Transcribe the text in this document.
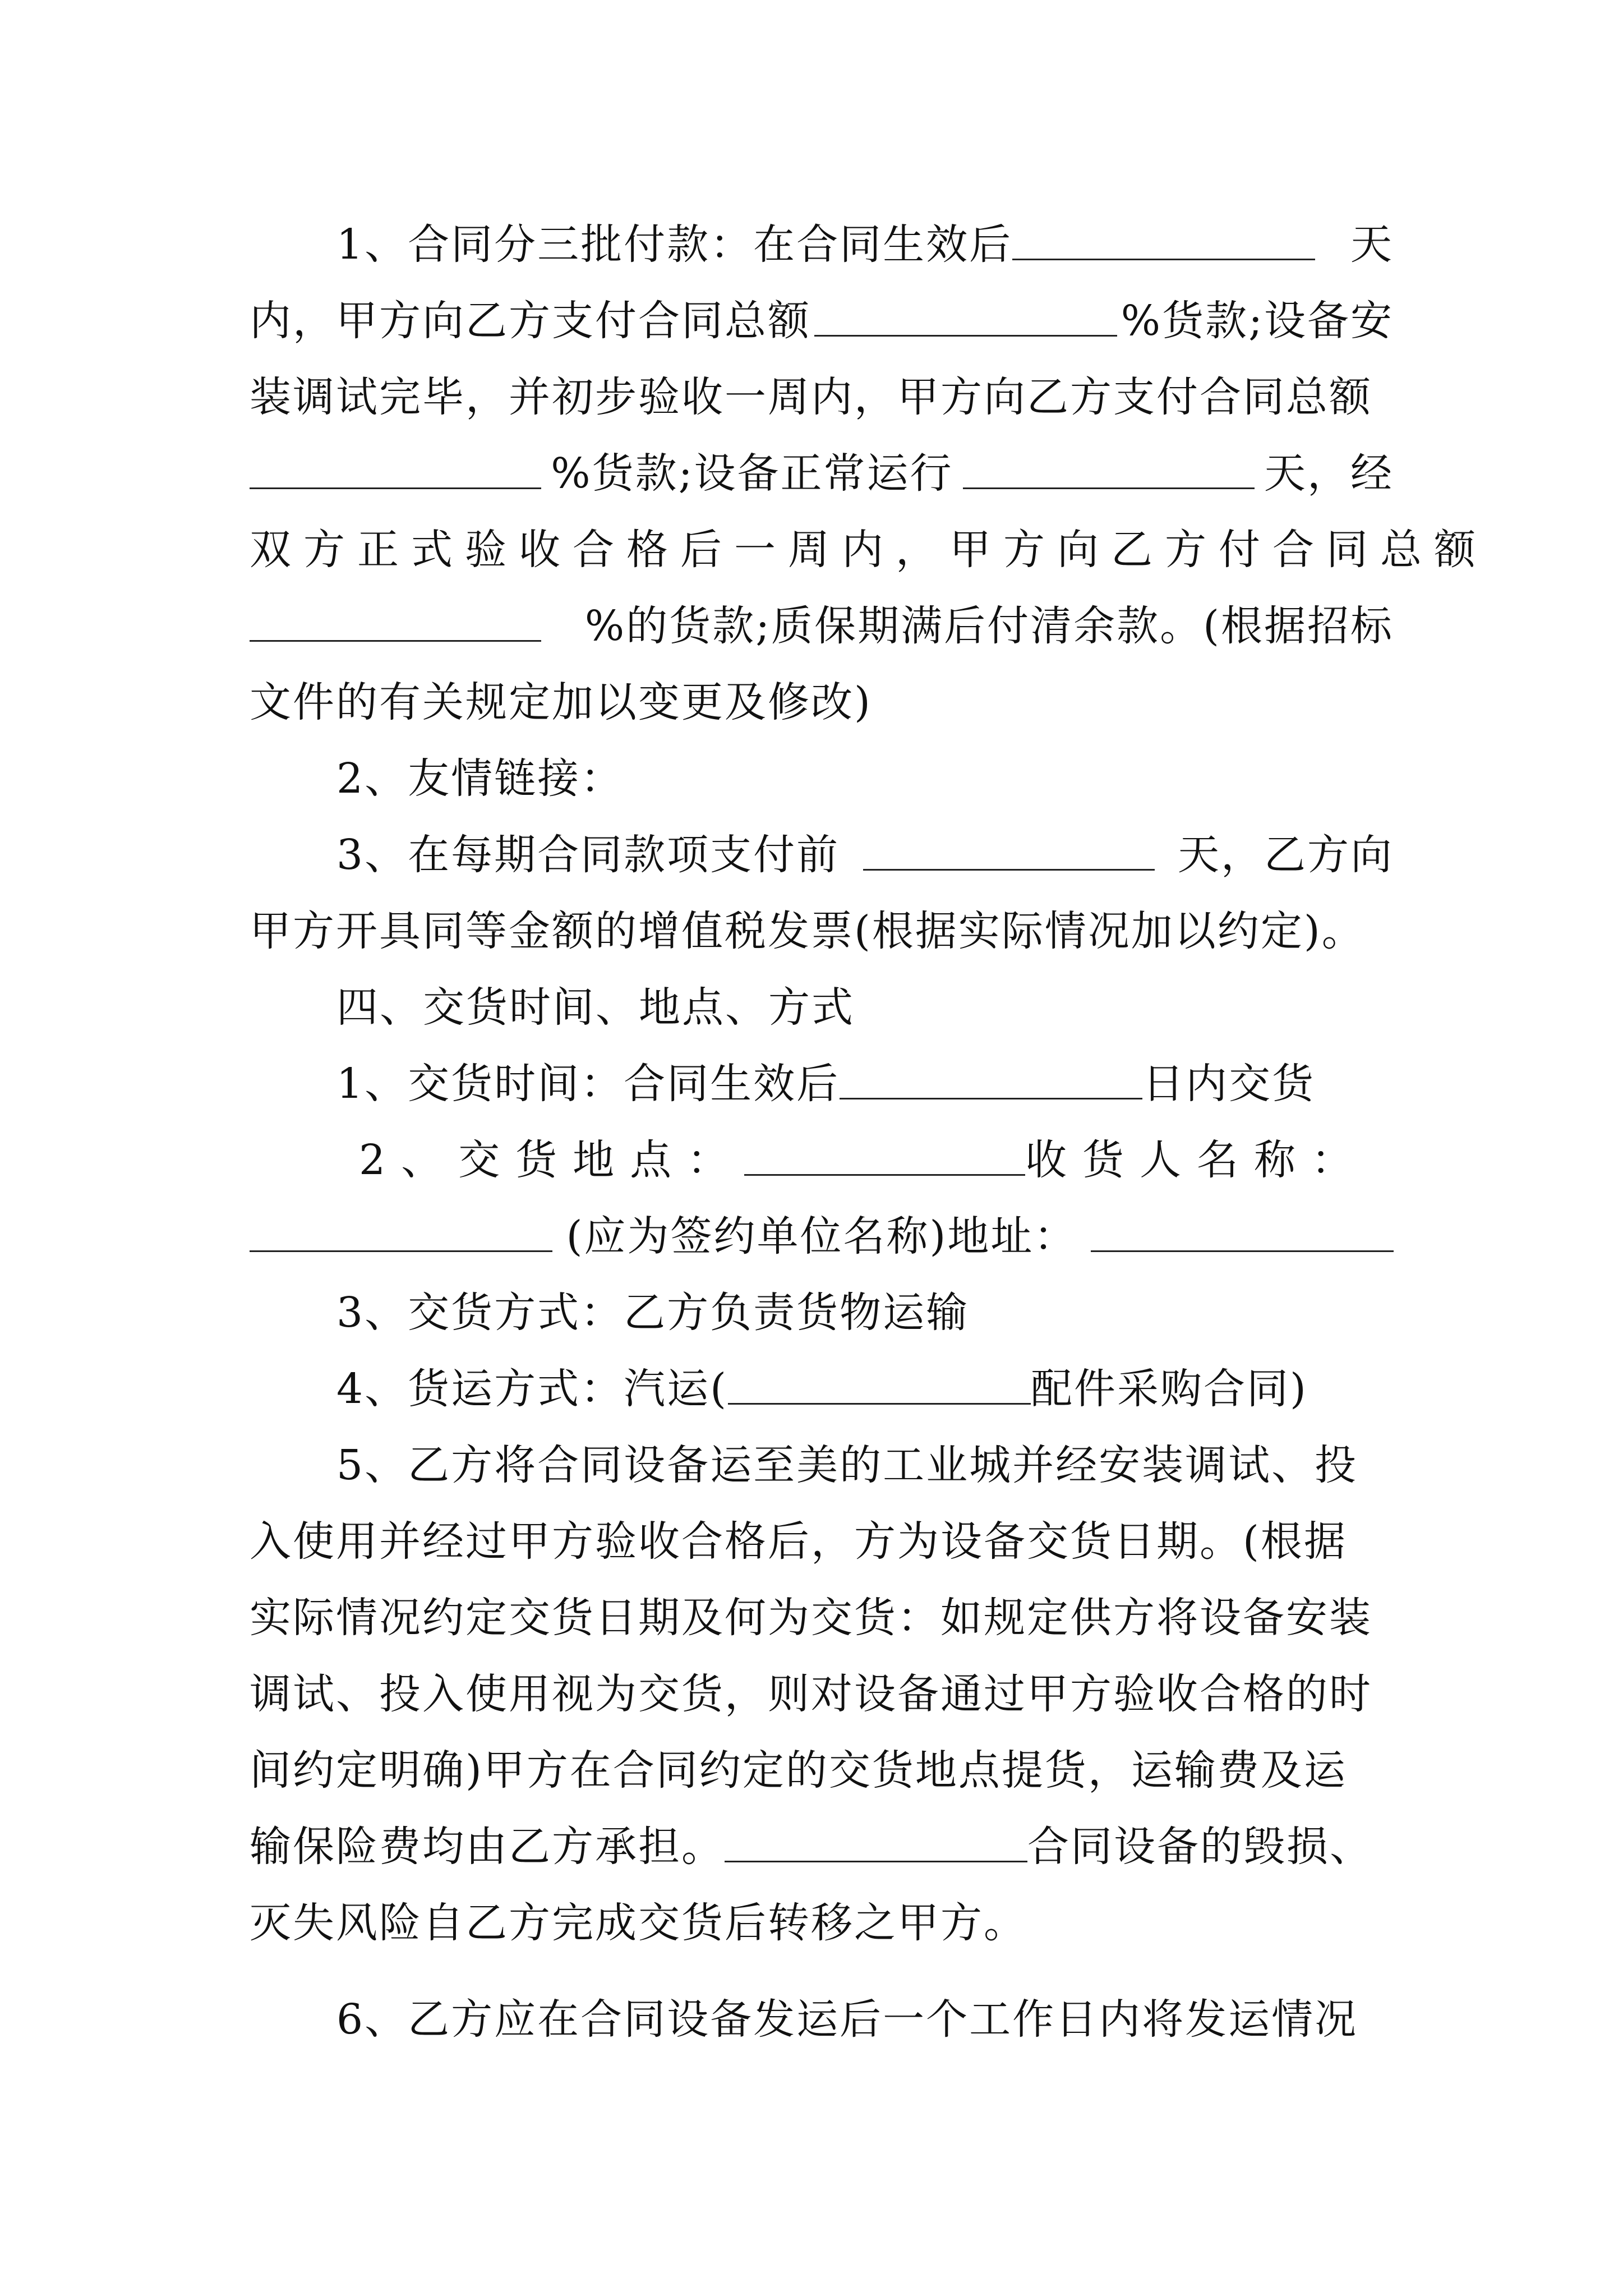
1、合同分三批付款：在合同生效后	天
内，甲方向乙方支付合同总额	%货款;设备安
装调试完毕，并初步验收一周内，甲方向乙方支付合同总额
%货款;设备正常运行	天，经
双方正式验收合格后一周内，甲方向乙方付合同总额
%的货款;质保期满后付清余款。(根据招标
文件的有关规定加以变更及修改)
2、友情链接：
3、在每期合同款项支付前	天，乙方向
甲方开具同等金额的增值税发票(根据实际情况加以约定)。
四、交货时间、地点、方式
1、交货时间：合同生效后	日内交货
2、交货地点：	收货人名称：
(应为签约单位名称)地址：
3、交货方式：乙方负责货物运输
4、货运方式：汽运(	配件采购合同)
5、乙方将合同设备运至美的工业城并经安装调试、投
入使用并经过甲方验收合格后，方为设备交货日期。(根据
实际情况约定交货日期及何为交货：如规定供方将设备安装
调试、投入使用视为交货，则对设备通过甲方验收合格的时
间约定明确)甲方在合同约定的交货地点提货，运输费及运
输保险费均由乙方承担。	合同设备的毁损、
灭失风险自乙方完成交货后转移之甲方。
6、乙方应在合同设备发运后一个工作日内将发运情况
